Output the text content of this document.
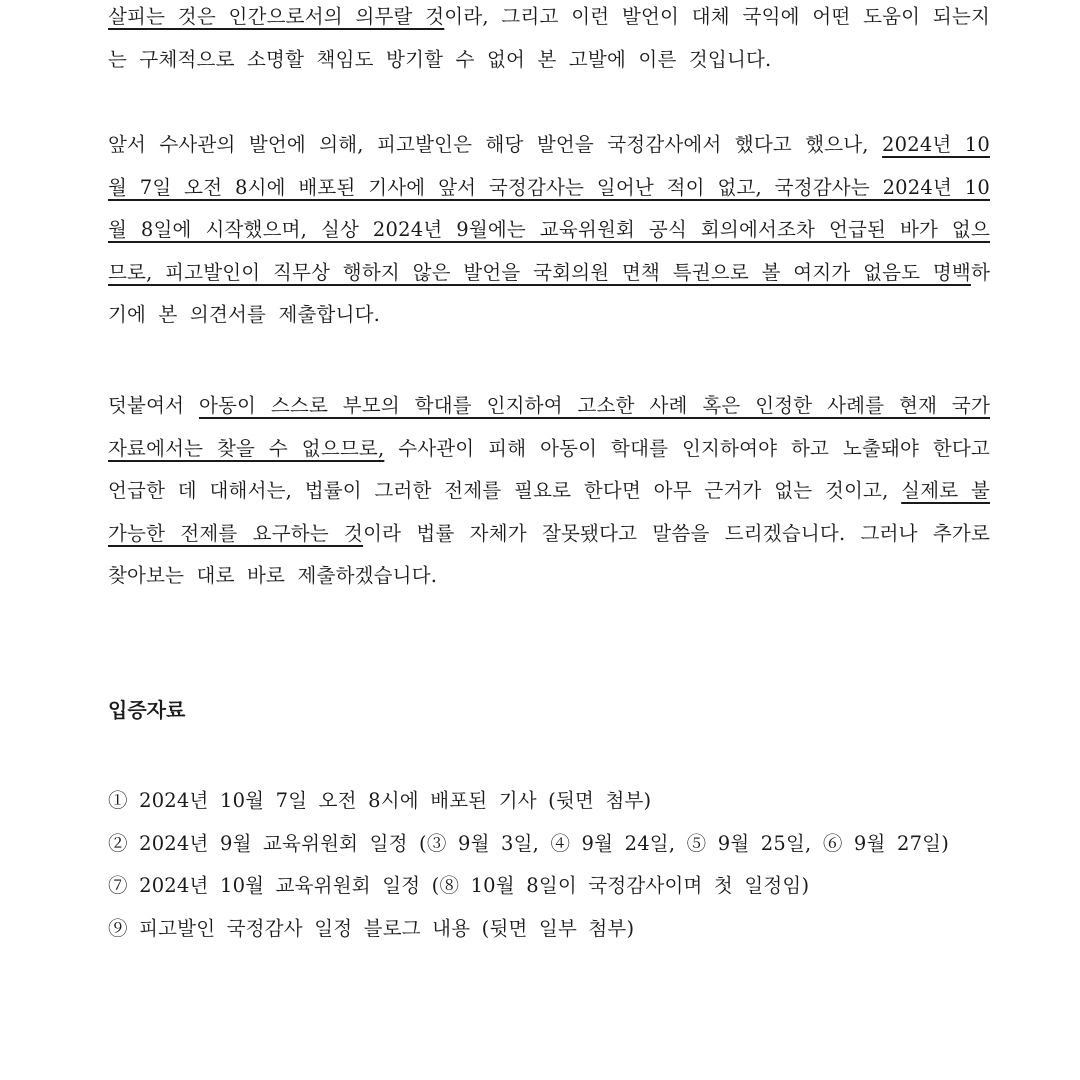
살피는 것은 인간으로서의 의무랄 것이라, 그리고 이런 발언이 대체 국익에 어떤 도움이 되는지는 구체적으로 소명할 책임도 방기할 수 없어 본 고발에 이른 것입니다.

앞서 수사관의 발언에 의해, 피고발인은 해당 발언을 국정감사에서 했다고 했으나, 2024년 10월 7일 오전 8시에 배포된 기사에 앞서 국정감사는 일어난 적이 없고, 국정감사는 2024년 10월 8일에 시작했으며, 실상 2024년 9월에는 교육위원회 공식 회의에서조차 언급된 바가 없으므로, 피고발인이 직무상 행하지 않은 발언을 국회의원 면책 특권으로 볼 여지가 없음도 명백하기에 본 의견서를 제출합니다.

덧붙여서 아동이 스스로 부모의 학대를 인지하여 고소한 사례 혹은 인정한 사례를 현재 국가 자료에서는 찾을 수 없으므로, 수사관이 피해 아동이 학대를 인지하여야 하고 노출돼야 한다고 언급한 데 대해서는, 법률이 그러한 전제를 필요로 한다면 아무 근거가 없는 것이고, 실제로 불가능한 전제를 요구하는 것이라 법률 자체가 잘못됐다고 말씀을 드리겠습니다. 그러나 추가로 찾아보는 대로 바로 제출하겠습니다.

입증자료
① 2024년 10월 7일 오전 8시에 배포된 기사 (뒷면 첨부)
② 2024년 9월 교육위원회 일정 (③ 9월 3일, ④ 9월 24일, ⑤ 9월 25일, ⑥ 9월 27일)
⑦ 2024년 10월 교육위원회 일정 (⑧ 10월 8일이 국정감사이며 첫 일정임)
⑨ 피고발인 국정감사 일정 블로그 내용 (뒷면 일부 첨부)
